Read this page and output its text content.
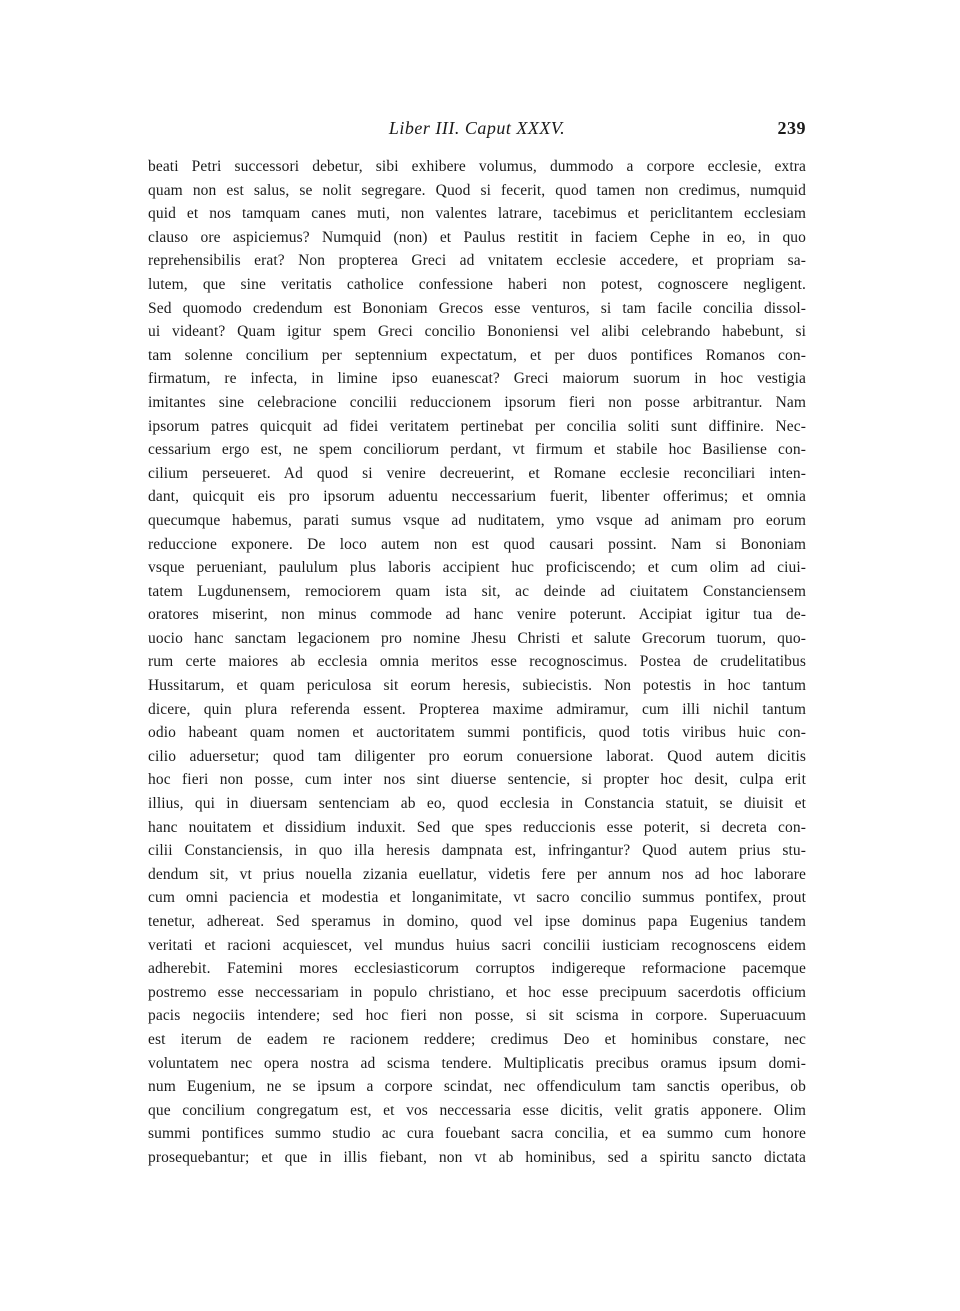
Liber III. Caput XXXV.	239
beati Petri successori debetur, sibi exhibere volumus, dummodo a corpore ecclesie, extra
quam non est salus, se nolit segregare. Quod si fecerit, quod tamen non credimus, numquid
quid et nos tamquam canes muti, non valentes latrare, tacebimus et periclitantem ecclesiam
clauso ore aspiciemus? Numquid (non) et Paulus restitit in faciem Cephe in eo, in quo
reprehensibilis erat? Non propterea Greci ad vnitatem ecclesie accedere, et propriam sa-
lutem, que sine veritatis catholice confessione haberi non potest, cognoscere negligent.
Sed quomodo credendum est Bononiam Grecos esse venturos, si tam facile concilia dissol-
ui videant? Quam igitur spem Greci concilio Bononiensi vel alibi celebrando habebunt, si
tam solenne concilium per septennium expectatum, et per duos pontifices Romanos con-
firmatum, re infecta, in limine ipso euanescat? Greci maiorum suorum in hoc vestigia
imitantes sine celebracione concilii reduccionem ipsorum fieri non posse arbitrantur. Nam
ipsorum patres quicquit ad fidei veritatem pertinebat per concilia soliti sunt diffinire. Nec-
cessarium ergo est, ne spem conciliorum perdant, vt firmum et stabile hoc Basiliense con-
cilium perseueret. Ad quod si venire decreuerint, et Romane ecclesie reconciliari inten-
dant, quicquit eis pro ipsorum aduentu neccessarium fuerit, libenter offerimus; et omnia
quecumque habemus, parati sumus vsque ad nuditatem, ymo vsque ad animam pro eorum
reduccione exponere. De loco autem non est quod causari possint. Nam si Bononiam
vsque perueniant, paululum plus laboris accipient huc proficiscendo; et cum olim ad ciui-
tatem Lugdunensem, remociorem quam ista sit, ac deinde ad ciuitatem Constanciensem
oratores miserint, non minus commode ad hanc venire poterunt. Accipiat igitur tua de-
uocio hanc sanctam legacionem pro nomine Jhesu Christi et salute Grecorum tuorum, quo-
rum certe maiores ab ecclesia omnia meritos esse recognoscimus. Postea de crudelitatibus
Hussitarum, et quam periculosa sit eorum heresis, subiecistis. Non potestis in hoc tantum
dicere, quin plura referenda essent. Propterea maxime admiramur, cum illi nichil tantum
odio habeant quam nomen et auctoritatem summi pontificis, quod totis viribus huic con-
cilio aduersetur; quod tam diligenter pro eorum conuersione laborat. Quod autem dicitis
hoc fieri non posse, cum inter nos sint diuerse sentencie, si propter hoc desit, culpa erit
illius, qui in diuersam sentenciam ab eo, quod ecclesia in Constancia statuit, se diuisit et
hanc nouitatem et dissidium induxit. Sed que spes reduccionis esse poterit, si decreta con-
cilii Constanciensis, in quo illa heresis dampnata est, infringantur? Quod autem prius stu-
dendum sit, vt prius nouella zizania euellatur, videtis fere per annum nos ad hoc laborare
cum omni paciencia et modestia et longanimitate, vt sacro concilio summus pontifex, prout
tenetur, adhereat. Sed speramus in domino, quod vel ipse dominus papa Eugenius tandem
veritati et racioni acquiescet, vel mundus huius sacri concilii iusticiam recognoscens eidem
adherebit. Fatemini mores ecclesiasticorum corruptos indigereque reformacione pacemque
postremo esse neccessariam in populo christiano, et hoc esse precipuum sacerdotis officium
pacis negociis intendere; sed hoc fieri non posse, si sit scisma in corpore. Superuacuum
est iterum de eadem re racionem reddere; credimus Deo et hominibus constare, nec
voluntatem nec opera nostra ad scisma tendere. Multiplicatis precibus oramus ipsum domi-
num Eugenium, ne se ipsum a corpore scindat, nec offendiculum tam sanctis operibus, ob
que concilium congregatum est, et vos neccessaria esse dicitis, velit gratis apponere. Olim
summi pontifices summo studio ac cura fouebant sacra concilia, et ea summo cum honore
prosequebantur; et que in illis fiebant, non vt ab hominibus, sed a spiritu sancto dictata
